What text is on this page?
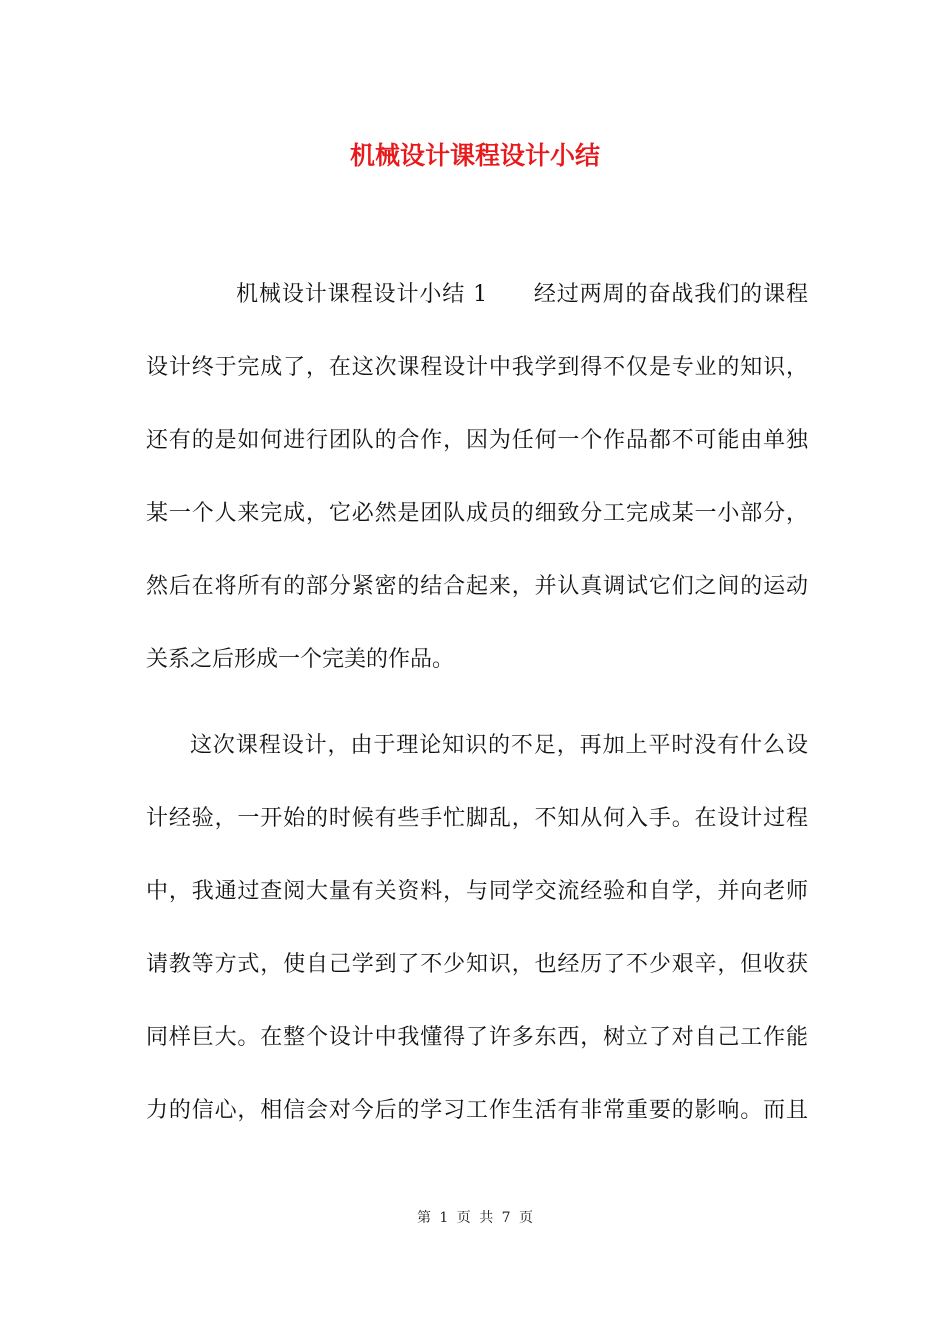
机械设计课程设计小结
机械设计课程设计小结 1　　经过两周的奋战我们的课程
设计终于完成了，在这次课程设计中我学到得不仅是专业的知识，
还有的是如何进行团队的合作，因为任何一个作品都不可能由单独
某一个人来完成，它必然是团队成员的细致分工完成某一小部分，
然后在将所有的部分紧密的结合起来，并认真调试它们之间的运动
关系之后形成一个完美的作品。
这次课程设计，由于理论知识的不足，再加上平时没有什么设
计经验，一开始的时候有些手忙脚乱，不知从何入手。在设计过程
中，我通过查阅大量有关资料，与同学交流经验和自学，并向老师
请教等方式，使自己学到了不少知识，也经历了不少艰辛，但收获
同样巨大。在整个设计中我懂得了许多东西，树立了对自己工作能
力的信心，相信会对今后的学习工作生活有非常重要的影响。而且
第 1 页 共 7 页
